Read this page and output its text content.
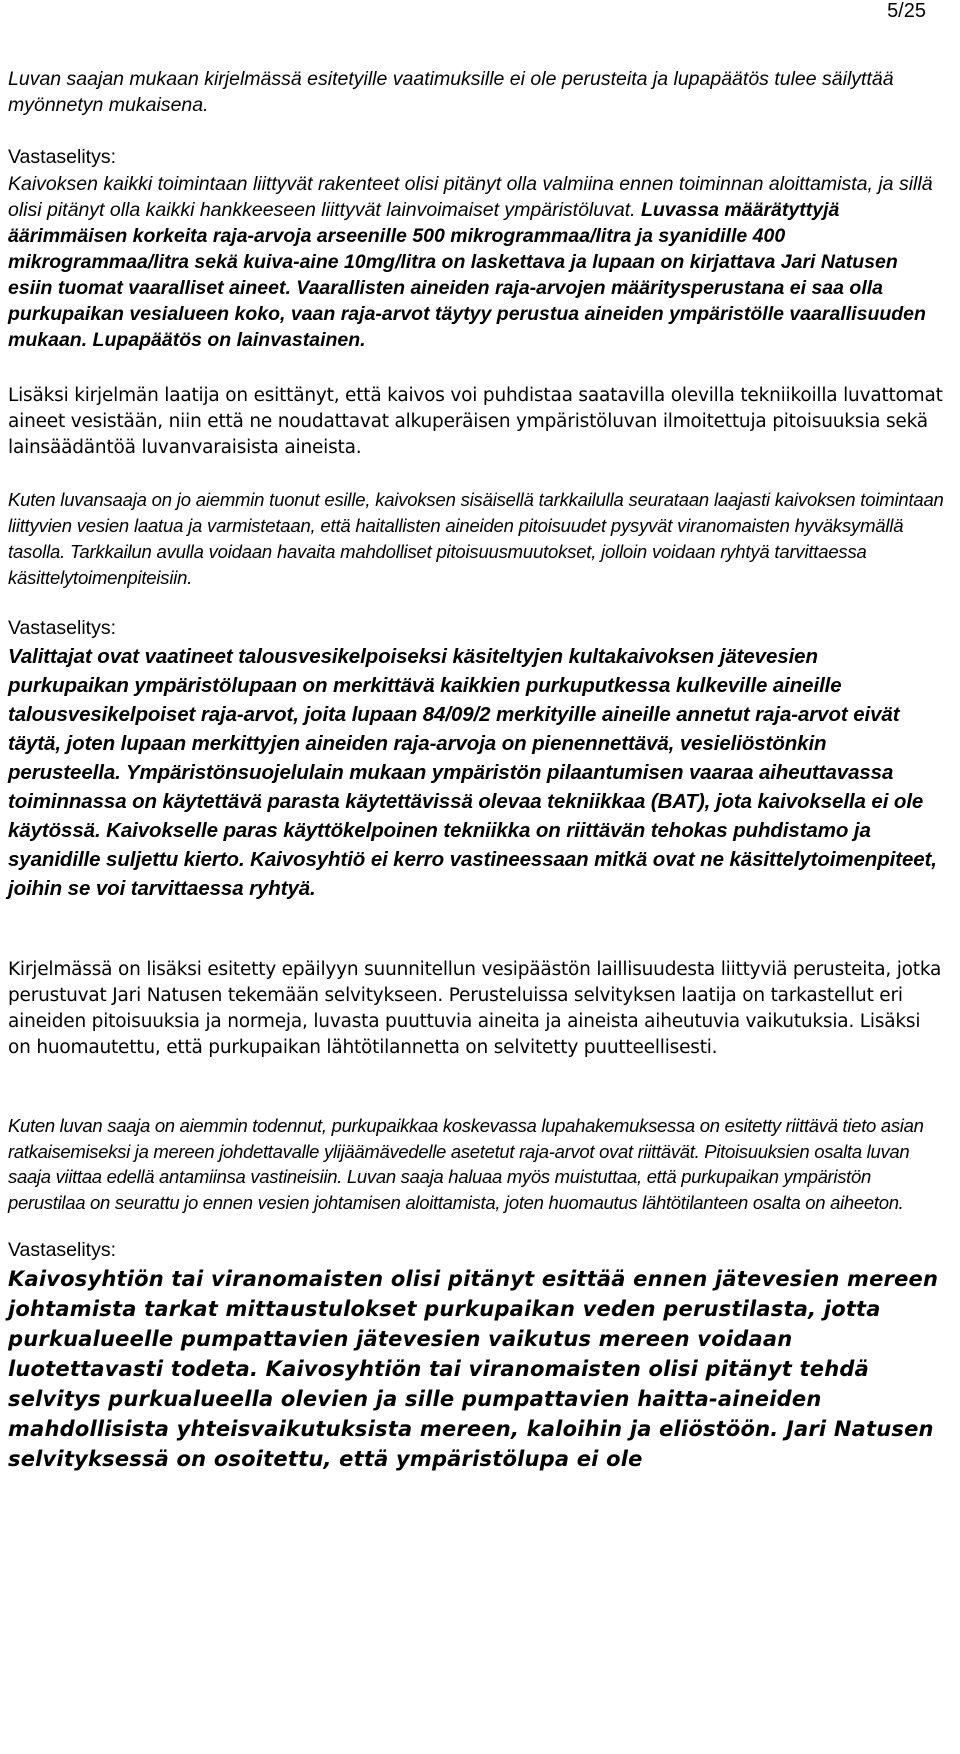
5/25

Luvan saajan mukaan kirjelmässä esitetyille vaatimuksille ei ole perusteita ja lupapäätös tulee säilyttää myönnetyn mukaisena.

Vastaselitys:

Kaivoksen kaikki toimintaan liittyvät rakenteet olisi pitänyt olla valmiina ennen toiminnan aloittamista, ja sillä olisi pitänyt olla kaikki hankkeeseen liittyvät lainvoimaiset ympäristöluvat. Luvassa määrätyttyjä äärimmäisen korkeita raja-arvoja arseenille 500 mikrogrammaa/litra ja syanidille 400 mikrogrammaa/litra sekä kuiva-aine 10mg/litra on laskettava ja lupaan on kirjattava Jari Natusen esiin tuomat vaaralliset aineet. Vaarallisten aineiden raja-arvojen määritysperustana ei saa olla purkupaikan vesialueen koko, vaan raja-arvot täytyy perustua aineiden ympäristölle vaarallisuuden mukaan. Lupapäätös on lainvastainen.

Lisäksi kirjelmän laatija on esittänyt, että kaivos voi puhdistaa saatavilla olevilla tekniikoilla luvattomat aineet vesistään, niin että ne noudattavat alkuperäisen ympäristöluvan ilmoitettuja pitoisuuksia sekä lainsäädäntöä luvanvaraisista aineista.

Kuten luvansaaja on jo aiemmin tuonut esille, kaivoksen sisäisellä tarkkailulla seurataan laajasti kaivoksen toimintaan liittyvien vesien laatua ja varmistetaan, että haitallisten aineiden pitoisuudet pysyvät viranomaisten hyväksymällä tasolla. Tarkkailun avulla voidaan havaita mahdolliset pitoisuusmuutokset, jolloin voidaan ryhtyä tarvittaessa käsittelytoimenpiteisiin.

Vastaselitys:

Valittajat ovat vaatineet talousvesikelpoiseksi käsiteltyjen kultakaivoksen jätevesien purkupaikan ympäristölupaan on merkittävä kaikkien purkuputkessa kulkeville aineille talousvesikelpoiset raja-arvot, joita lupaan 84/09/2 merkityille aineille annetut raja-arvot eivät täytä, joten lupaan merkittyjen aineiden raja-arvoja on pienennettävä, vesieliöstönkin perusteella. Ympäristönsuojelulain mukaan ympäristön pilaantumisen vaaraa aiheuttavassa toiminnassa on käytettävä parasta käytettävissä olevaa tekniikkaa (BAT), jota kaivoksella ei ole käytössä. Kaivokselle paras käyttökelpoinen tekniikka on riittävän tehokas puhdistamo ja syanidille suljettu kierto. Kaivosyhtiö ei kerro vastineessaan mitkä ovat ne käsittelytoimenpiteet, joihin se voi tarvittaessa ryhtyä.

Kirjelmässä on lisäksi esitetty epäilyyn suunnitellun vesipäästön laillisuudesta liittyviä perusteita, jotka perustuvat Jari Natusen tekemään selvitykseen. Perusteluissa selvityksen laatija on tarkastellut eri aineiden pitoisuuksia ja normeja, luvasta puuttuvia aineita ja aineista aiheutuvia vaikutuksia. Lisäksi on huomautettu, että purkupaikan lähtötilannetta on selvitetty puutteellisesti.

Kuten luvan saaja on aiemmin todennut, purkupaikkaa koskevassa lupahakemuksessa on esitetty riittävä tieto asian ratkaisemiseksi ja mereen johdettavalle ylijäämävedelle asetetut raja-arvot ovat riittävät. Pitoisuuksien osalta luvan saaja viittaa edellä antamiinsa vastineisiin. Luvan saaja haluaa myös muistuttaa, että purkupaikan ympäristön perustilaa on seurattu jo ennen vesien johtamisen aloittamista, joten huomautus lähtötilanteen osalta on aiheeton.

Vastaselitys:

Kaivosyhtiön tai viranomaisten olisi pitänyt esittää ennen jätevesien mereen johtamista tarkat mittaustulokset purkupaikan veden perustilasta, jotta purkualueelle pumpattavien jätevesien vaikutus mereen voidaan luotettavasti todeta. Kaivosyhtiön tai viranomaisten olisi pitänyt tehdä selvitys purkualueella olevien ja sille pumpattavien haitta-aineiden mahdollisista yhteisvaikutuksista mereen, kaloihin ja eliöstöön. Jari Natusen selvityksessä on osoitettu, että ympäristölupa ei ole
